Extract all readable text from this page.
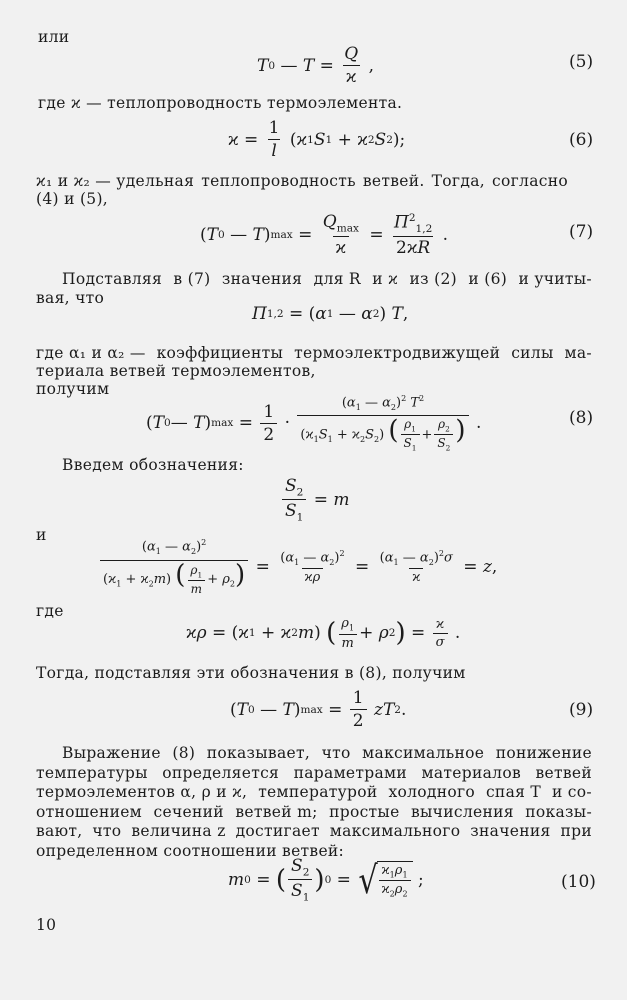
или
T 0 — T =
Q
ϰ
,	(5)
где ϰ — теплопроводность термоэлемента.
ϰ =
1
l
(ϰ 1 S 1 + ϰ 2 S 2 );	(6)
ϰ₁ и ϰ₂ — удельная теплопроводность ветвей. Тогда, согласно
(4) и (5),
( T 0 — T ) max =
$Q_{max}$
ϰ
=
$\Pi^2_{1,2}$
2ϰR
.	(7)
Подставляя в (7) значения для R и ϰ из (2) и (6) и учиты-
вая, что
Π 1,2 = ( α 1 — α 2 ) T ,
где α₁ и α₂ — коэффициенты термоэлектродвижущей силы ма-
териала ветвей термоэлементов,
получим
( T 0 — T ) max =
1
2
·
($\alpha_1$ — $\alpha_2)^2$ $T^2$
$(ϰ_1S_1 + ϰ_2S_2)$ ( $\frac{\rho_1}{S_1} + \frac{\rho_2}{S_2}$ ) .	(8)
Введем обозначения:
$S_2$
$S_1$
= m
и
($\alpha_1$ — $\alpha_2)^2$
$(ϰ_1 + ϰ_2m)$ ( $\frac{\rho_1}{m} + \rho_2) = (\alpha_1$ — $\alpha_2)^2$
ϰρ
= ($\alpha_1$ — $\alpha_2)^2\sigma$
ϰ
= z ,
где
ϰ ρ = (ϰ 1 + ϰ 2 m ) ( $\rho_1$
m + ρ 2 ) = ϰ
σ .
Тогда, подставляя эти обозначения в (8), получим
( T 0 — T ) max =
1
2

zT 2 .	(9)
Выражение (8) показывает, что максимальное понижение
температуры определяется параметрами материалов ветвей
термоэлементов α, ρ и ϰ, температурой холодного спая T и со-
отношением сечений ветвей m; простые вычисления показы-
вают, что величина z достигает максимального значения при
определенном соотношении ветвей:
m 0 = ( $S_2$
$S_1$
) 0 = √ $\frac{ϰ_1\rho_1}{ϰ_2\rho_2}$ ;	(10)
10
